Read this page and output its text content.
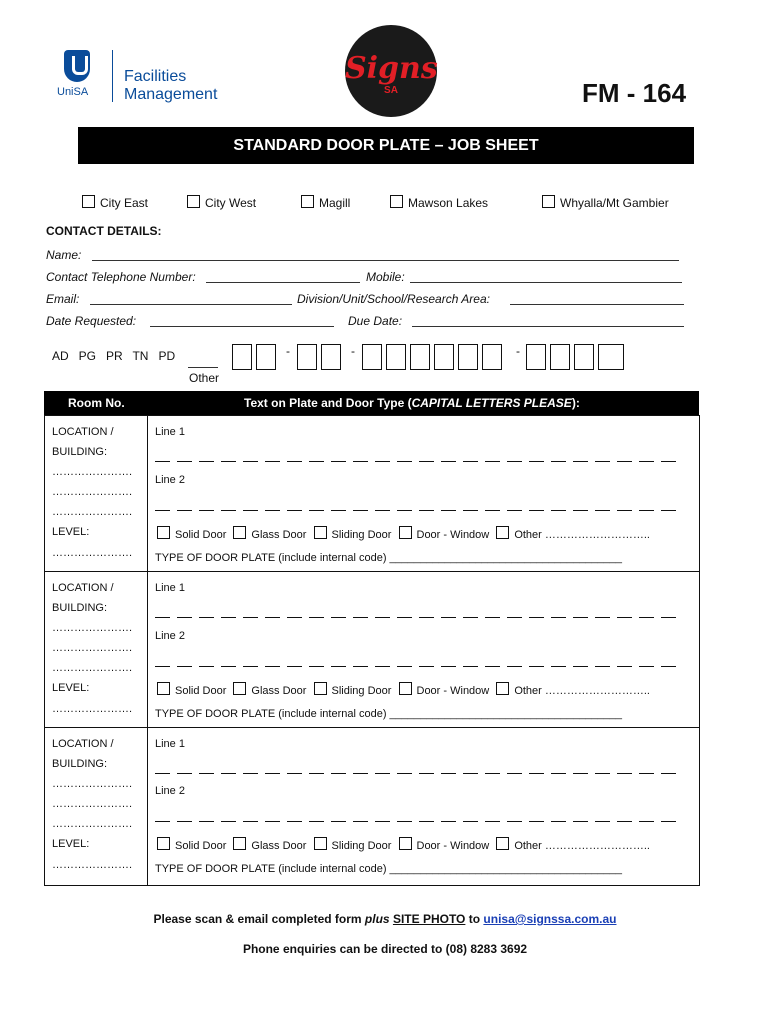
UniSA
Facilities
Management
Signs
SA	FM - 164
STANDARD DOOR PLATE – JOB SHEET
City East	City West	Magill	Mawson Lakes	Whyalla/Mt Gambier
CONTACT DETAILS:
Name:
Contact Telephone Number:	Mobile:
Email:	Division/Unit/School/Research Area:
Date Requested:	Due Date:
AD   PG   PR   TN   PD
Other
-	-	-
Room No.	Text on Plate and Door Type (CAPITAL LETTERS PLEASE):
LOCATION /
BUILDING:
………………….
………………….
………………….
LEVEL:
………………….
Line 1
Line 2
Solid Door Glass Door Sliding Door Door - Window Other ………………………..
TYPE OF DOOR PLATE (include internal code) ______________________________________
LOCATION /
BUILDING:
………………….
………………….
………………….
LEVEL:
………………….
Line 1
Line 2
Solid Door Glass Door Sliding Door Door - Window Other ………………………..
TYPE OF DOOR PLATE (include internal code) ______________________________________
LOCATION /
BUILDING:
………………….
………………….
………………….
LEVEL:
………………….
Line 1
Line 2
Solid Door Glass Door Sliding Door Door - Window Other ………………………..
TYPE OF DOOR PLATE (include internal code) ______________________________________
Please scan & email completed form plus SITE PHOTO to unisa@signssa.com.au
Phone enquiries can be directed to (08) 8283 3692
